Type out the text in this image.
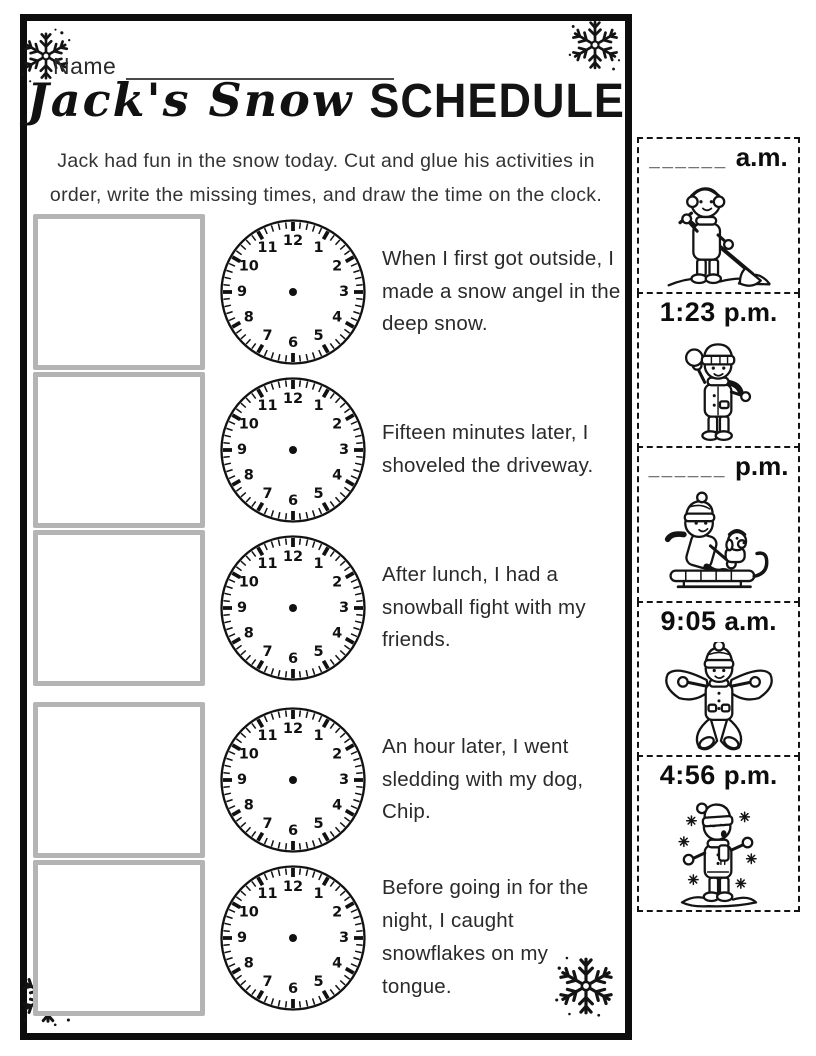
Name
Jack's Snow SCHEDULE
Jack had fun in the snow today. Cut and glue his activities in
order, write the missing times, and draw the time on the clock.
12 1
2
3
4
5
6
7
8
9
10
11	When I first got outside, I made a snow angel in the deep snow.
12 1
2
3
4
5
6
7
8
9
10
11
Fifteen minutes later, I shoveled the driveway.
12 1
2
3
4
5
6
7
8
9
10
11	After lunch, I had a snowball fight with my friends.
12 1
2
3
4
5
6
7
8
9
10
11	An hour later, I went sledding with my dog, Chip.
12 1
2
3
4
5
6
7
8
9
10
11	Before going in for the night, I caught snowflakes on my tongue.
______ a.m.
1:23 p.m.
______ p.m.
9:05 a.m.
4:56 p.m.
